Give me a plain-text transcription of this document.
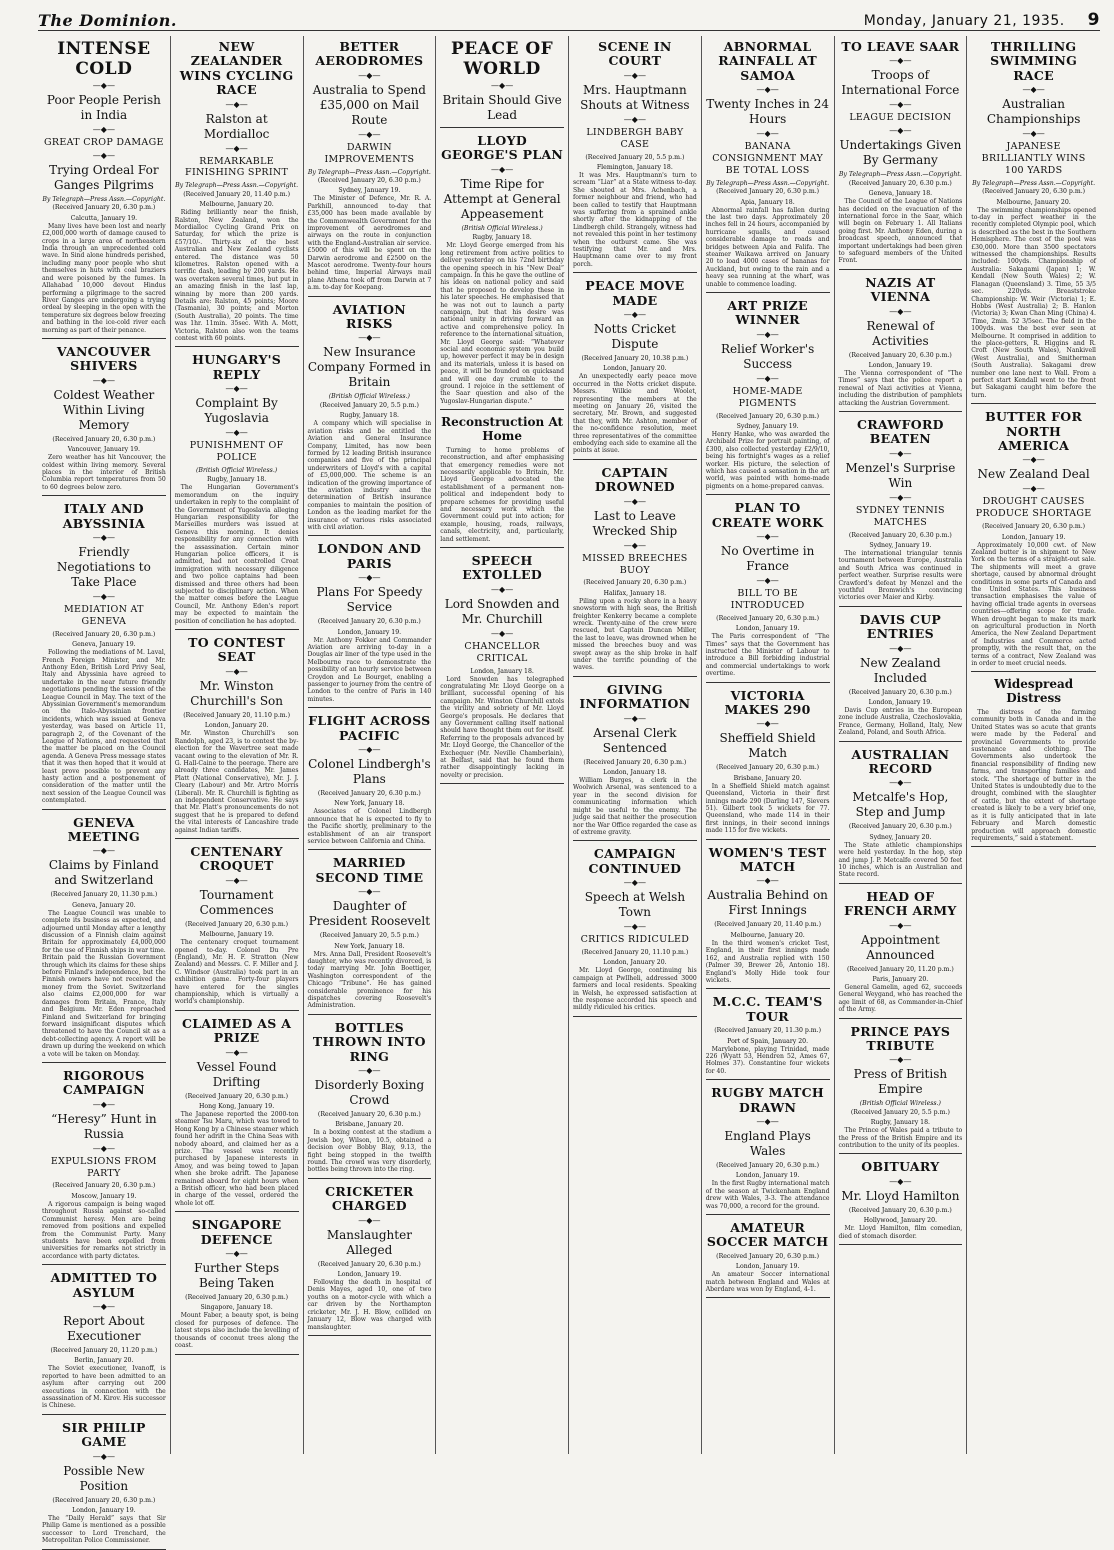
The Dominion.	Monday, January 21, 1935. 9
INTENSE COLD
—◆—
Poor People Perish in India
—◆—
GREAT CROP DAMAGE
—◆—
Trying Ordeal For Ganges Pilgrims
By Telegraph—Press Assn.—Copyright.
(Received January 20, 6.30 p.m.)
Calcutta, January 19.

Many lives have been lost and nearly £2,000,000 worth of damage caused to crops in a large area of northeastern India through an unprecedented cold wave. In Sind alone hundreds perished, including many poor people who shut themselves in huts with coal braziers and were poisoned by the fumes. In Allahabad 10,000 devout Hindus performing a pilgrimage to the sacred River Ganges are undergoing a trying ordeal by sleeping in the open with the temperature six degrees below freezing and bathing in the ice-cold river each morning as part of their penance.

VANCOUVER SHIVERS
—◆—
Coldest Weather Within Living Memory
(Received January 20, 6.30 p.m.)
Vancouver, January 19.

Zero weather has hit Vancouver, the coldest within living memory. Several places in the interior of British Columbia report temperatures from 50 to 60 degrees below zero.

ITALY AND ABYSSINIA
—◆—
Friendly Negotiations to Take Place
—◆—
MEDIATION AT GENEVA
(Received January 20, 6.30 p.m.)
Geneva, January 19.

Following the mediations of M. Laval, French Foreign Minister, and Mr. Anthony Eden, British Lord Privy Seal, Italy and Abyssinia have agreed to undertake in the near future friendly negotiations pending the session of the League Council in May. The text of the Abyssinian Government's memorandum on the Italo-Abyssinian frontier incidents, which was issued at Geneva yesterday, was based on Article 11, paragraph 2, of the Covenant of the League of Nations, and requested that the matter be placed on the Council agenda. A Geneva Press message states that it was then hoped that it would at least prove possible to prevent any hasty action and a postponement of consideration of the matter until the next session of the League Council was contemplated.

GENEVA MEETING
—◆—
Claims by Finland and Switzerland
(Received January 20, 11.30 p.m.)
Geneva, January 20.

The League Council was unable to complete its business as expected, and adjourned until Monday after a lengthy discussion of a Finnish claim against Britain for approximately £4,000,000 for the use of Finnish ships in war time. Britain paid the Russian Government through which its claims for these ships before Finland's independence, but the Finnish owners have not received the money from the Soviet. Switzerland also claims £2,000,000 for war damages from Britain, France, Italy and Belgium. Mr. Eden reproached Finland and Switzerland for bringing forward insignificant disputes which threatened to have the Council sit as a debt-collecting agency. A report will be drawn up during the weekend on which a vote will be taken on Monday.

RIGOROUS CAMPAIGN
—◆—
“Heresy” Hunt in Russia
—◆—
EXPULSIONS FROM PARTY
(Received January 20, 6.30 p.m.)
Moscow, January 19.

A rigorous campaign is being waged throughout Russia against so-called Communist heresy. Men are being removed from positions and expelled from the Communist Party. Many students have been expelled from universities for remarks not strictly in accordance with party dictates.

ADMITTED TO ASYLUM
—◆—
Report About Executioner
(Received January 20, 11.20 p.m.)
Berlin, January 20.

The Soviet executioner, Ivanoff, is reported to have been admitted to an asylum after carrying out 200 executions in connection with the assassination of M. Kirov. His successor is Chinese.

SIR PHILIP GAME
—◆—
Possible New Position
(Received January 20, 6.30 p.m.)
London, January 19.

The “Daily Herald” says that Sir Philip Game is mentioned as a possible successor to Lord Trenchard, the Metropolitan Police Commissioner.

NEW ZEALANDER WINS CYCLING RACE
—◆—
Ralston at Mordialloc
—◆—
REMARKABLE FINISHING SPRINT
By Telegraph—Press Assn.—Copyright.
(Received January 20, 11.40 p.m.)
Melbourne, January 20.

Riding brilliantly near the finish, Ralston, New Zealand, won the Mordialloc Cycling Grand Prix on Saturday, for which the prize is £57/10/-. Thirty-six of the best Australian and New Zealand cyclists entered. The distance was 50 kilometres. Ralston opened with a terrific dash, leading by 200 yards. He was overtaken several times, but put in an amazing finish in the last lap, winning by more than 200 yards. Details are: Ralston, 45 points; Moore (Tasmania), 30 points; and Morton (South Australia), 20 points. The time was 1hr. 11min. 35sec. With A. Mott, Victoria, Ralston also won the teams contest with 60 points.

HUNGARY'S REPLY
—◆—
Complaint By Yugoslavia
—◆—
PUNISHMENT OF POLICE
(British Official Wireless.)
Rugby, January 18.

The Hungarian Government's memorandum on the inquiry undertaken in reply to the complaint of the Government of Yugoslavia alleging Hungarian responsibility for the Marseilles murders was issued at Geneva this morning. It denies responsibility for any connection with the assassination. Certain minor Hungarian police officers, it is admitted, had not controlled Croat immigration with necessary diligence and two police captains had been dismissed and three others had been subjected to disciplinary action. When the matter comes before the League Council, Mr. Anthony Eden's report may be expected to maintain the position of conciliation he has adopted.

TO CONTEST SEAT
—◆—
Mr. Winston Churchill's Son
(Received January 20, 11.10 p.m.)
London, January 20.

Mr. Winston Churchill's son Randolph, aged 23, is to contest the by-election for the Wavertree seat made vacant owing to the elevation of Mr. R. G. Hall-Caine to the peerage. There are already three candidates, Mr. James Platt (National Conservative), Mr. J. J. Cleary (Labour) and Mr. Artro Morris (Liberal). Mr. R. Churchill is fighting as an independent Conservative. He says that Mr. Platt's pronouncements do not suggest that he is prepared to defend the vital interests of Lancashire trade against Indian tariffs.

CENTENARY CROQUET
—◆—
Tournament Commences
(Received January 20, 6.30 p.m.)
Melbourne, January 19.

The centenary croquet tournament opened to-day. Colonel Du Pre (England), Mr. H. F. Stratton (New Zealand) and Messrs. C. F. Miller and J. C. Windsor (Australia) took part in an exhibition game. Forty-four players have entered for the singles championship, which is virtually a world's championship.

CLAIMED AS A PRIZE
—◆—
Vessel Found Drifting
(Received January 20, 6.30 p.m.)
Hong Kong, January 19.

The Japanese reported the 2000-ton steamer Tsu Maru, which was towed to Hong Kong by a Chinese steamer which found her adrift in the China Seas with nobody aboard, and claimed her as a prize. The vessel was recently purchased by Japanese interests in Amoy, and was being towed to Japan when she broke adrift. The Japanese remained aboard for eight hours when a British officer, who had been placed in charge of the vessel, ordered the whole lot off.

SINGAPORE DEFENCE
—◆—
Further Steps Being Taken
(Received January 20, 6.30 p.m.)
Singapore, January 18.

Mount Faber, a beauty spot, is being closed for purposes of defence. The latest steps also include the levelling of thousands of coconut trees along the coast.

BETTER AERODROMES
—◆—
Australia to Spend £35,000 on Mail Route
—◆—
DARWIN IMPROVEMENTS
By Telegraph—Press Assn.—Copyright.
(Received January 20, 6.30 p.m.)
Sydney, January 19.

The Minister of Defence, Mr. R. A. Parkhill, announced to-day that £35,000 has been made available by the Commonwealth Government for the improvement of aerodromes and airways on the route in conjunction with the England-Australian air service. £5000 of this will be spent on the Darwin aerodrome and £2500 on the Mascot aerodrome. Twenty-four hours behind time, Imperial Airways mail plane Athena took off from Darwin at 7 a.m. to-day for Koepang.

AVIATION RISKS
—◆—
New Insurance Company Formed in Britain
(British Official Wireless.)
(Received January 20, 5.5 p.m.)
Rugby, January 18.

A company which will specialise in aviation risks and be entitled the Aviation and General Insurance Company, Limited, has now been formed by 12 leading British insurance companies and five of the principal underwriters of Lloyd's with a capital of £5,000,000. The scheme is an indication of the growing importance of the aviation industry and the determination of British insurance companies to maintain the position of London as the leading market for the insurance of various risks associated with civil aviation.

LONDON AND PARIS
—◆—
Plans For Speedy Service
(Received January 20, 6.30 p.m.)
London, January 19.

Mr. Anthony Fokker and Commander Aviation are arriving to-day in a Douglas air liner of the type used in the Melbourne race to demonstrate the possibility of an hourly service between Croydon and Le Bourget, enabling a passenger to journey from the centre of London to the centre of Paris in 140 minutes.

FLIGHT ACROSS PACIFIC
—◆—
Colonel Lindbergh's Plans
(Received January 20, 6.30 p.m.)
New York, January 18.

Associates of Colonel Lindbergh announce that he is expected to fly to the Pacific shortly, preliminary to the establishment of an air transport service between California and China.

MARRIED SECOND TIME
—◆—
Daughter of President Roosevelt
(Received January 20, 5.5 p.m.)
New York, January 18.

Mrs. Anna Dall, President Roosevelt's daughter, who was recently divorced, is today marrying Mr. John Boettiger, Washington correspondent of the Chicago “Tribune”. He has gained considerable prominence for his dispatches covering Roosevelt's Administration.

BOTTLES THROWN INTO RING
—◆—
Disorderly Boxing Crowd
(Received January 20, 6.30 p.m.)
Brisbane, January 20.

In a boxing contest at the stadium a Jewish boy, Wilson, 10.5, obtained a decision over Bobby Blay, 9.13, the fight being stopped in the twelfth round. The crowd was very disorderly, bottles being thrown into the ring.

CRICKETER CHARGED
—◆—
Manslaughter Alleged
(Received January 20, 6.30 p.m.)
London, January 19.

Following the death in hospital of Denis Mayes, aged 10, one of two youths on a motor-cycle with which a car driven by the Northampton cricketer, Mr. J. H. Blow, collided on January 12, Blow was charged with manslaughter.

PEACE OF WORLD
—◆—
Britain Should Give Lead
LLOYD GEORGE'S PLAN
—◆—
Time Ripe for Attempt at General Appeasement
(British Official Wireless.)
Rugby, January 18.

Mr. Lloyd George emerged from his long retirement from active politics to deliver yesterday on his 72nd birthday the opening speech in his “New Deal” campaign. In this he gave the outline of his ideas on national policy and said that he proposed to develop these in his later speeches. He emphasised that he was not out to launch a party campaign, but that his desire was national unity in driving forward an active and comprehensive policy. In reference to the international situation, Mr. Lloyd George said: “Whatever social and economic system you build up, however perfect it may be in design and its materials, unless it is based on peace, it will be founded on quicksand and will one day crumble to the ground. I rejoice in the settlement of the Saar question and also of the Yugoslav-Hungarian dispute.”

Reconstruction At Home

Turning to home problems of reconstruction, and after emphasising that emergency remedies were not necessarily applicable to Britain, Mr. Lloyd George advocated the establishment of a permanent non-political and independent body to prepare schemes for providing useful and necessary work which the Government could put into action; for example, housing, roads, railways, canals, electricity, and, particularly, land settlement.

SPEECH EXTOLLED
—◆—
Lord Snowden and Mr. Churchill
—◆—
CHANCELLOR CRITICAL
London, January 18.

Lord Snowden has telegraphed congratulating Mr. Lloyd George on a brilliant, successful opening of his campaign. Mr. Winston Churchill extols the virility and sobriety of Mr. Lloyd George's proposals. He declares that any Government calling itself national should have thought them out for itself. Referring to the proposals advanced by Mr. Lloyd George, the Chancellor of the Exchequer (Mr. Neville Chamberlain), at Belfast, said that he found them rather disappointingly lacking in novelty or precision.

SCENE IN COURT
—◆—
Mrs. Hauptmann Shouts at Witness
—◆—
LINDBERGH BABY CASE
(Received January 20, 5.5 p.m.)
Flemington, January 18.

It was Mrs. Hauptmann's turn to scream “Liar” at a State witness to-day. She shouted at Mrs. Achenbach, a former neighbour and friend, who had been called to testify that Hauptmann was suffering from a sprained ankle shortly after the kidnapping of the Lindbergh child. Strangely, witness had not revealed this point in her testimony when the outburst came. She was testifying that Mr. and Mrs. Hauptmann came over to my front porch.

PEACE MOVE MADE
—◆—
Notts Cricket Dispute
(Received January 20, 10.38 p.m.)
London, January 20.

An unexpectedly early peace move occurred in the Notts cricket dispute. Messrs. Wilkie and Woolet, representing the members at the meeting on January 26, visited the secretary, Mr. Brown, and suggested that they, with Mr. Ashton, member of the no-confidence resolution, meet three representatives of the committee embodying each side to examine all the points at issue.

CAPTAIN DROWNED
—◆—
Last to Leave Wrecked Ship
—◆—
MISSED BREECHES BUOY
(Received January 20, 6.30 p.m.)
Halifax, January 18.

Piling upon a rocky shore in a heavy snowstorm with high seas, the British freighter Kenkerry became a complete wreck. Twenty-nine of the crew were rescued, but Captain Duncan Miller, the last to leave, was drowned when he missed the breeches buoy and was swept away as the ship broke in half under the terrific pounding of the waves.

GIVING INFORMATION
—◆—
Arsenal Clerk Sentenced
(Received January 20, 6.30 p.m.)
London, January 18.

William Burges, a clerk in the Woolwich Arsenal, was sentenced to a year in the second division for communicating information which might be useful to the enemy. The judge said that neither the prosecution nor the War Office regarded the case as of extreme gravity.

CAMPAIGN CONTINUED
—◆—
Speech at Welsh Town
—◆—
CRITICS RIDICULED
(Received January 20, 11.10 p.m.)
London, January 20.

Mr. Lloyd George, continuing his campaign at Pwllheli, addressed 3000 farmers and local residents. Speaking in Welsh, he expressed satisfaction at the response accorded his speech and mildly ridiculed his critics.

ABNORMAL RAINFALL AT SAMOA
—◆—
Twenty Inches in 24 Hours
—◆—
BANANA CONSIGNMENT MAY BE TOTAL LOSS
By Telegraph—Press Assn.—Copyright.
(Received January 20, 6.30 p.m.)
Apia, January 18.

Abnormal rainfall has fallen during the last two days. Approximately 20 inches fell in 24 hours, accompanied by hurricane squalls, and caused considerable damage to roads and bridges between Apia and Falifa. The steamer Waikawa arrived on January 20 to load 4000 cases of bananas for Auckland, but owing to the rain and a heavy sea running at the wharf, was unable to commence loading.

ART PRIZE WINNER
—◆—
Relief Worker's Success
—◆—
HOME-MADE PIGMENTS
(Received January 20, 6.30 p.m.)
Sydney, January 19.

Henry Hanke, who was awarded the Archibald Prize for portrait painting, of £300, also collected yesterday £2/9/10, being his fortnight's wages as a relief worker. His picture, the selection of which has caused a sensation in the art world, was painted with home-made pigments on a home-prepared canvas.

PLAN TO CREATE WORK
—◆—
No Overtime in France
—◆—
BILL TO BE INTRODUCED
(Received January 20, 6.30 p.m.)
London, January 19.

The Paris correspondent of “The Times” says that the Government has instructed the Minister of Labour to introduce a Bill forbidding industrial and commercial undertakings to work overtime.

VICTORIA MAKES 290
—◆—
Sheffield Shield Match
(Received January 20, 6.30 p.m.)
Brisbane, January 20.

In a Sheffield Shield match against Queensland, Victoria in their first innings made 290 (Darling 147, Sievers 51). Gilbert took 5 wickets for 77. Queensland, who made 114 in their first innings, in their second innings made 115 for five wickets.

WOMEN'S TEST MATCH
—◆—
Australia Behind on First Innings
(Received January 20, 11.40 p.m.)
Melbourne, January 20.

In the third women's cricket Test, England, in their first innings made 162, and Australia replied with 150 (Palmer 39, Brewer 26, Antonio 18). England's Molly Hide took four wickets.

M.C.C. TEAM'S TOUR
(Received January 20, 11.30 p.m.)
Port of Spain, January 20.

Marylebone, playing Trinidad, made 226 (Wyatt 53, Hendren 52, Ames 67, Holmes 37). Constantine four wickets for 40.

RUGBY MATCH DRAWN
—◆—
England Plays Wales
(Received January 20, 6.30 p.m.)
London, January 19.

In the first Rugby international match of the season at Twickenham England drew with Wales, 3-3. The attendance was 70,000, a record for the ground.

AMATEUR SOCCER MATCH
(Received January 20, 6.30 p.m.)
London, January 19.

An amateur Soccer international match between England and Wales at Aberdare was won by England, 4-1.

TO LEAVE SAAR
—◆—
Troops of International Force
—◆—
LEAGUE DECISION
—◆—
Undertakings Given By Germany
By Telegraph—Press Assn.—Copyright.
(Received January 20, 6.30 p.m.)
Geneva, January 18.

The Council of the League of Nations has decided on the evacuation of the international force in the Saar, which will begin on February 1. All Italians going first. Mr. Anthony Eden, during a broadcast speech, announced that important undertakings had been given to safeguard members of the United Front.

NAZIS AT VIENNA
—◆—
Renewal of Activities
(Received January 20, 6.30 p.m.)
London, January 19.

The Vienna correspondent of “The Times” says that the police report a renewal of Nazi activities at Vienna, including the distribution of pamphlets attacking the Austrian Government.

CRAWFORD BEATEN
—◆—
Menzel's Surprise Win
—◆—
SYDNEY TENNIS MATCHES
(Received January 20, 6.30 p.m.)
Sydney, January 19.

The international triangular tennis tournament between Europe, Australia and South Africa was continued in perfect weather. Surprise results were Crawford's defeat by Menzel and the youthful Bromwich's convincing victories over Maier and Kirby.

DAVIS CUP ENTRIES
—◆—
New Zealand Included
(Received January 20, 6.30 p.m.)
London, January 19.

Davis Cup entries in the European zone include Australia, Czechoslovakia, France, Germany, Holland, Italy, New Zealand, Poland, and South Africa.

AUSTRALIAN RECORD
—◆—
Metcalfe's Hop, Step and Jump
(Received January 20, 6.30 p.m.)
Sydney, January 20.

The State athletic championships were held yesterday. In the hop, step and jump J. P. Metcalfe covered 50 feet 10 inches, which is an Australian and State record.

HEAD OF FRENCH ARMY
—◆—
Appointment Announced
(Received January 20, 11.20 p.m.)
Paris, January 20.

General Gamelin, aged 62, succeeds General Weygand, who has reached the age limit of 68, as Commander-in-Chief of the Army.

PRINCE PAYS TRIBUTE
—◆—
Press of British Empire
(British Official Wireless.)
(Received January 20, 5.5 p.m.)
Rugby, January 18.

The Prince of Wales paid a tribute to the Press of the British Empire and its contribution to the unity of its peoples.

OBITUARY
—◆—
Mr. Lloyd Hamilton
(Received January 20, 6.30 p.m.)
Hollywood, January 20.

Mr. Lloyd Hamilton, film comedian, died of stomach disorder.

THRILLING SWIMMING RACE
—◆—
Australian Championships
—◆—
JAPANESE BRILLIANTLY WINS 100 YARDS
By Telegraph—Press Assn.—Copyright.
(Received January 20, 6.30 p.m.)
Melbourne, January 20.

The swimming championships opened to-day in perfect weather in the recently completed Olympic pool, which is described as the best in the Southern Hemisphere. The cost of the pool was £30,000. More than 3500 spectators witnessed the championships. Results included: 100yds. Championship of Australia: Sakagami (Japan) 1; W. Kendall (New South Wales) 2; W. Flanagan (Queensland) 3. Time, 55 3/5 sec. 220yds. Breaststroke Championship: W. Weir (Victoria) 1; E. Hobbs (West Australia) 2; B. Hanlon (Victoria) 3; Kwan Chan Ming (China) 4. Time, 2min. 52 3/5sec. The field in the 100yds. was the best ever seen at Melbourne. It comprised in addition to the place-getters, R. Higgins and R. Croft (New South Wales), Nankivell (West Australia), and Smitherman (South Australia). Sakagami drew number one lane next to Wall. From a perfect start Kendall went to the front but Sakagami caught him before the turn.

BUTTER FOR NORTH AMERICA
—◆—
New Zealand Deal
—◆—
DROUGHT CAUSES PRODUCE SHORTAGE
(Received January 20, 6.30 p.m.)
London, January 19.

Approximately 10,000 cwt. of New Zealand butter is in shipment to New York on the terms of a straight-out sale. The shipments will meet a grave shortage, caused by abnormal drought conditions in some parts of Canada and the United States. This business transaction emphasises the value of having official trade agents in overseas countries—offering scope for trade. When drought began to make its mark on agricultural production in North America, the New Zealand Department of Industries and Commerce acted promptly, with the result that, on the terms of a contract, New Zealand was in order to meet crucial needs.

Widespread Distress

The distress of the farming community both in Canada and in the United States was so acute that grants were made by the Federal and provincial Governments to provide sustenance and clothing. The Governments also undertook the financial responsibility of finding new farms, and transporting families and stock. “The shortage of butter in the United States is undoubtedly due to the drought, combined with the slaughter of cattle, but the extent of shortage created is likely to be a very brief one, as it is fully anticipated that in late February and March domestic production will approach domestic requirements,” said a statement.
